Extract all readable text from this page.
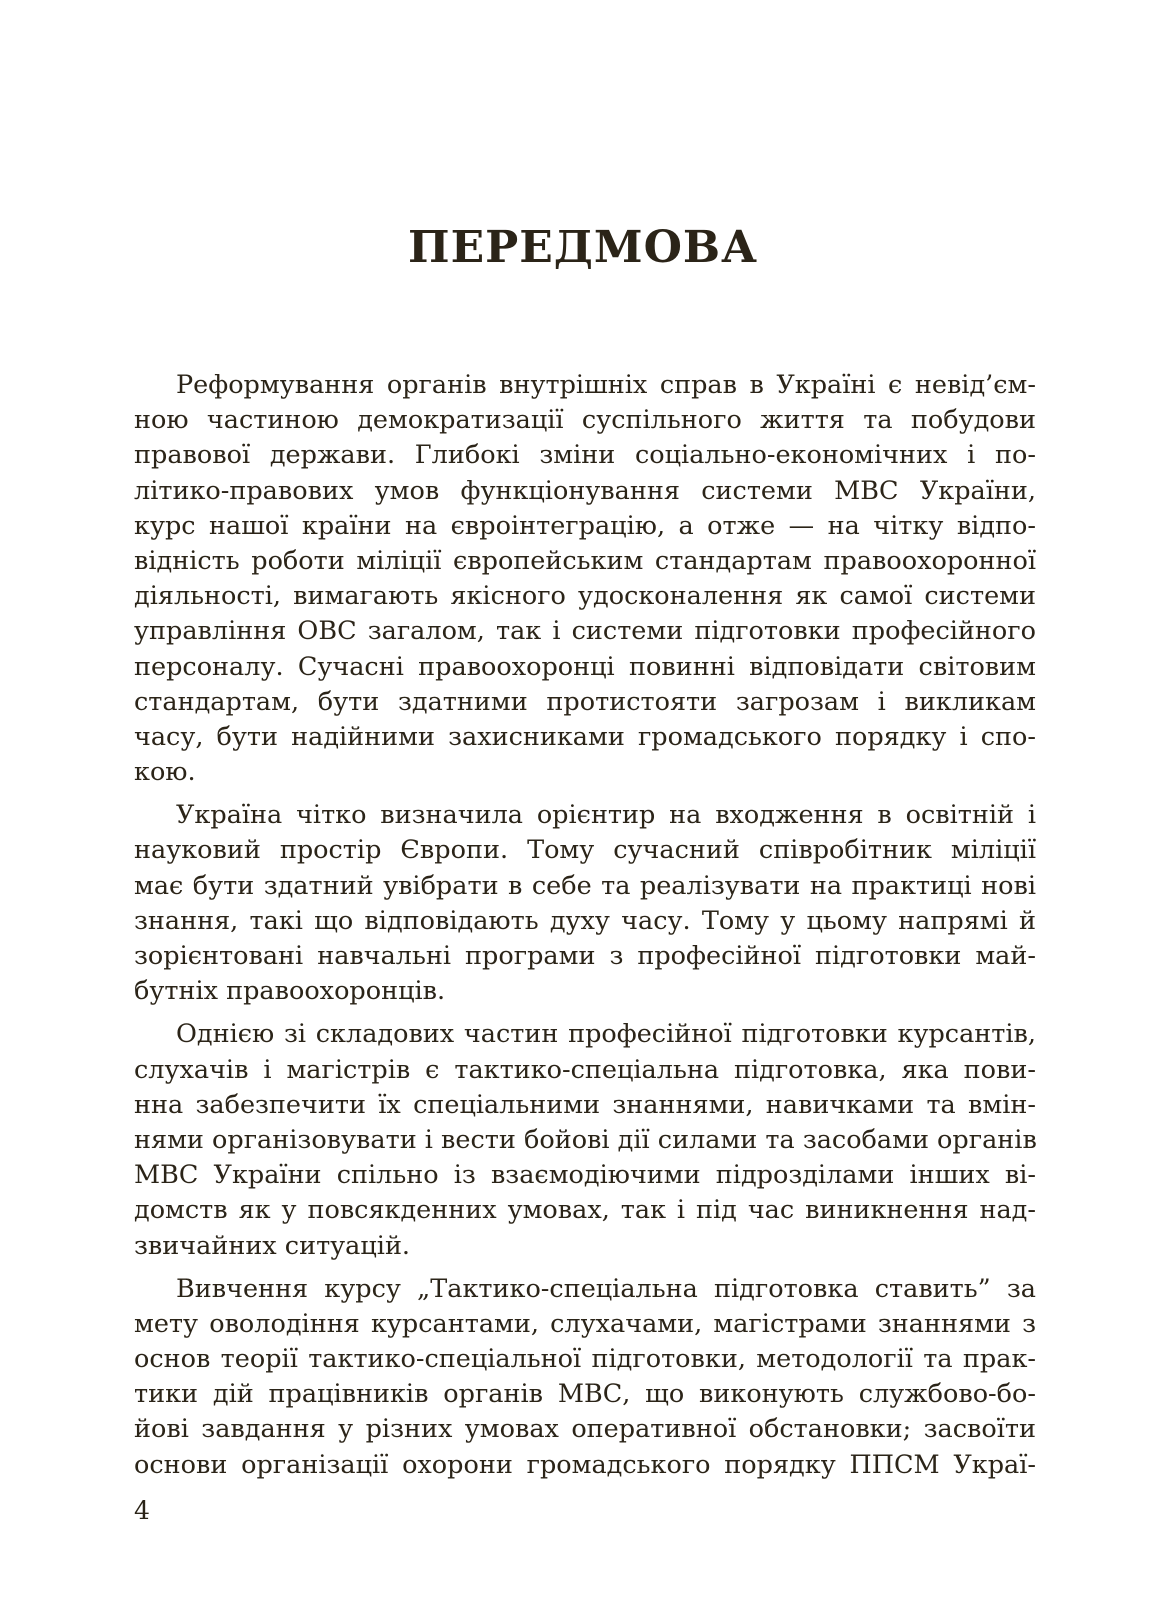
ПЕРЕДМОВА
Реформування органів внутрішніх справ в Україні є невід’єм-
ною частиною демократизації суспільного життя та побудови
правової держави. Глибокі зміни соціально-економічних і по-
літико-правових умов функціонування системи МВС України,
курс нашої країни на євроінтеграцію, а отже — на чітку відпо-
відність роботи міліції європейським стандартам правоохоронної
діяльності, вимагають якісного удосконалення як самої системи
управління ОВС загалом, так і системи підготовки професійного
персоналу. Сучасні правоохоронці повинні відповідати світовим
стандартам, бути здатними протистояти загрозам і викликам
часу, бути надійними захисниками громадського порядку і спо-
кою.
Україна чітко визначила орієнтир на входження в освітній і
науковий простір Європи. Тому сучасний співробітник міліції
має бути здатний увібрати в себе та реалізувати на практиці нові
знання, такі що відповідають духу часу. Тому у цьому напрямі й
зорієнтовані навчальні програми з професійної підготовки май-
бутніх правоохоронців.
Однією зі складових частин професійної підготовки курсантів,
слухачів і магістрів є тактико-спеціальна підготовка, яка пови-
нна забезпечити їх спеціальними знаннями, навичками та вмін-
нями організовувати і вести бойові дії силами та засобами органів
МВС України спільно із взаємодіючими підрозділами інших ві-
домств як у повсякденних умовах, так і під час виникнення над-
звичайних ситуацій.
Вивчення курсу „Тактико-спеціальна підготовка ставить” за
мету оволодіння курсантами, слухачами, магістрами знаннями з
основ теорії тактико-спеціальної підготовки, методології та прак-
тики дій працівників органів МВС, що виконують службово-бо-
йові завдання у різних умовах оперативної обстановки; засвоїти
основи організації охорони громадського порядку ППСМ Украї-
4
